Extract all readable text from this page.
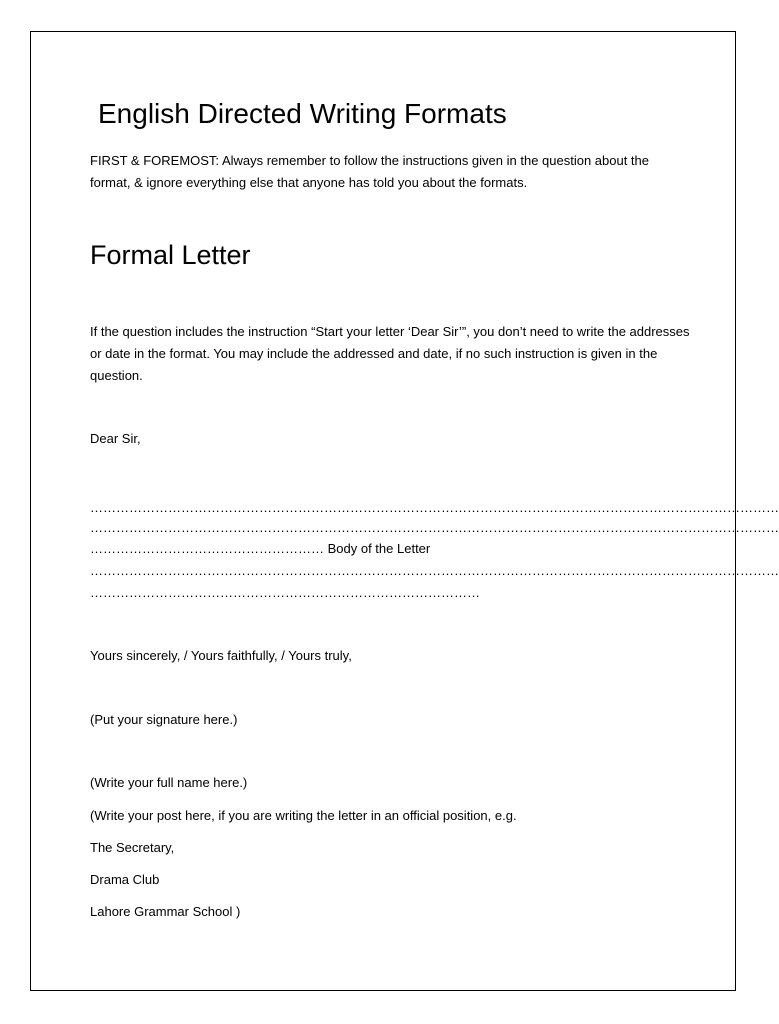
English Directed Writing Formats

FIRST & FOREMOST: Always remember to follow the instructions given in the question about the format, & ignore everything else that anyone has told you about the formats.

Formal Letter

If the question includes the instruction “Start your letter ‘Dear Sir’”, you don’t need to write the addresses or date in the format. You may include the addressed and date, if no such instruction is given in the question.

Dear Sir,

……………………………………………………………………………………………………………………………………………

……………………………………………………………………………………………………………………………………………

……………………………………………… Body of the Letter

……………………………………………………………………………………………………………………………………………

………………………………………………………………………………

Yours sincerely, / Yours faithfully, / Yours truly,

(Put your signature here.)

(Write your full name here.)

(Write your post here, if you are writing the letter in an official position, e.g.

The Secretary,

Drama Club

Lahore Grammar School )
